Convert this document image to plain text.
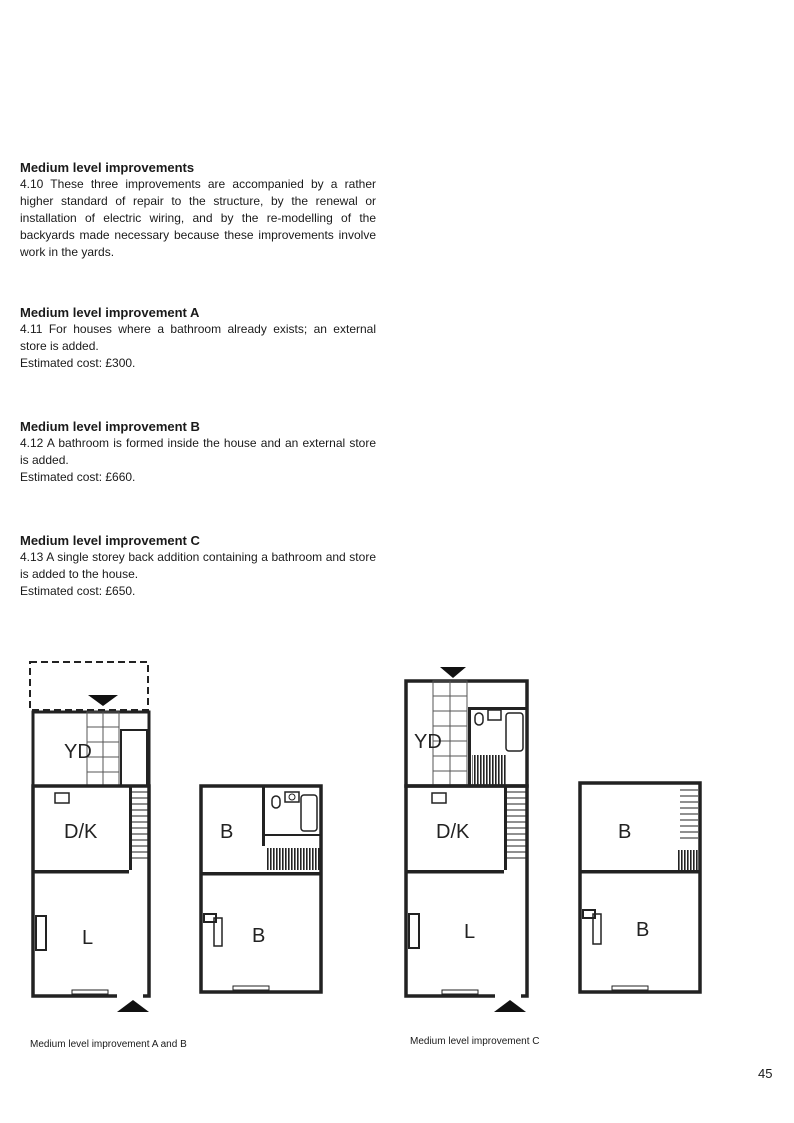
Medium level improvements

4.10 These three improvements are accompanied by a rather higher standard of repair to the structure, by the renewal or installation of electric wiring, and by the re-modelling of the backyards made necessary because these improvements involve work in the yards.

Medium level improvement A

4.11 For houses where a bathroom already exists; an external store is added.

Estimated cost: £300.

Medium level improvement B

4.12 A bathroom is formed inside the house and an external store is added.

Estimated cost: £660.

Medium level improvement C

4.13 A single storey back addition containing a bathroom and store is added to the house.

Estimated cost: £650.

YD
D/K
L
B
B
YD
D/K
L
B
B
Medium level improvement A and B	Medium level improvement C
45
